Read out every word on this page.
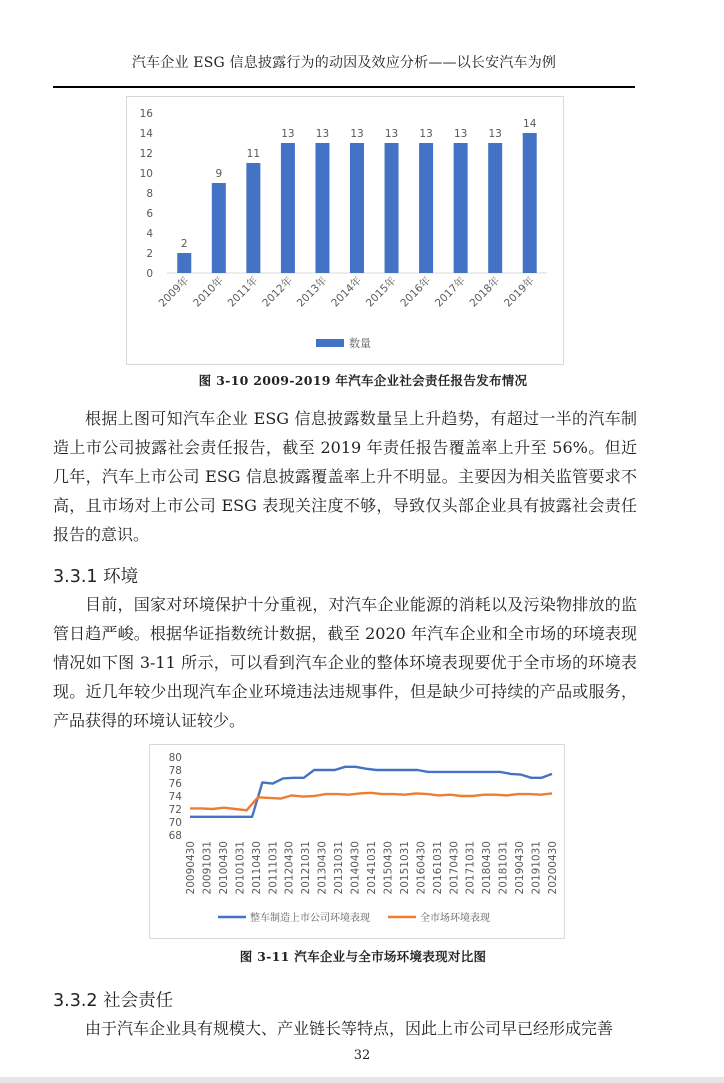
汽车企业 ESG 信息披露行为的动因及效应分析——以长安汽车为例
0
2
4
6
8
10
12
14
16
2
2009年
9
2010年
11
2011年
13
2012年
13
2013年
13
2014年
13
2015年
13
2016年
13
2017年
13
2018年
14
2019年
数量
图 3-10 2009-2019 年汽车企业社会责任报告发布情况

根据上图可知汽车企业 ESG 信息披露数量呈上升趋势，有超过一半的汽车制造上市公司披露社会责任报告，截至 2019 年责任报告覆盖率上升至 56%。但近几年，汽车上市公司 ESG 信息披露覆盖率上升不明显。主要因为相关监管要求不高，且市场对上市公司 ESG 表现关注度不够，导致仅头部企业具有披露社会责任报告的意识。

3.3.1 环境

目前，国家对环境保护十分重视，对汽车企业能源的消耗以及污染物排放的监管日趋严峻。根据华证指数统计数据，截至 2020 年汽车企业和全市场的环境表现情况如下图 3-11 所示，可以看到汽车企业的整体环境表现要优于全市场的环境表现。近几年较少出现汽车企业环境违法违规事件，但是缺少可持续的产品或服务，产品获得的环境认证较少。

68
70
72
74
76
78
80
20090430 20091031 20100430 20101031 20110430 20111031 20120430 20121031 20130430 20131031 20140430 20141031 20150430 20151031 20160430 20161031 20170430 20171031 20180430 20181031 20190430 20191031 20200430
整车制造上市公司环境表现	全市场环境表现
图 3-11 汽车企业与全市场环境表现对比图
3.3.2 社会责任

由于汽车企业具有规模大、产业链长等特点，因此上市公司早已经形成完善

32
